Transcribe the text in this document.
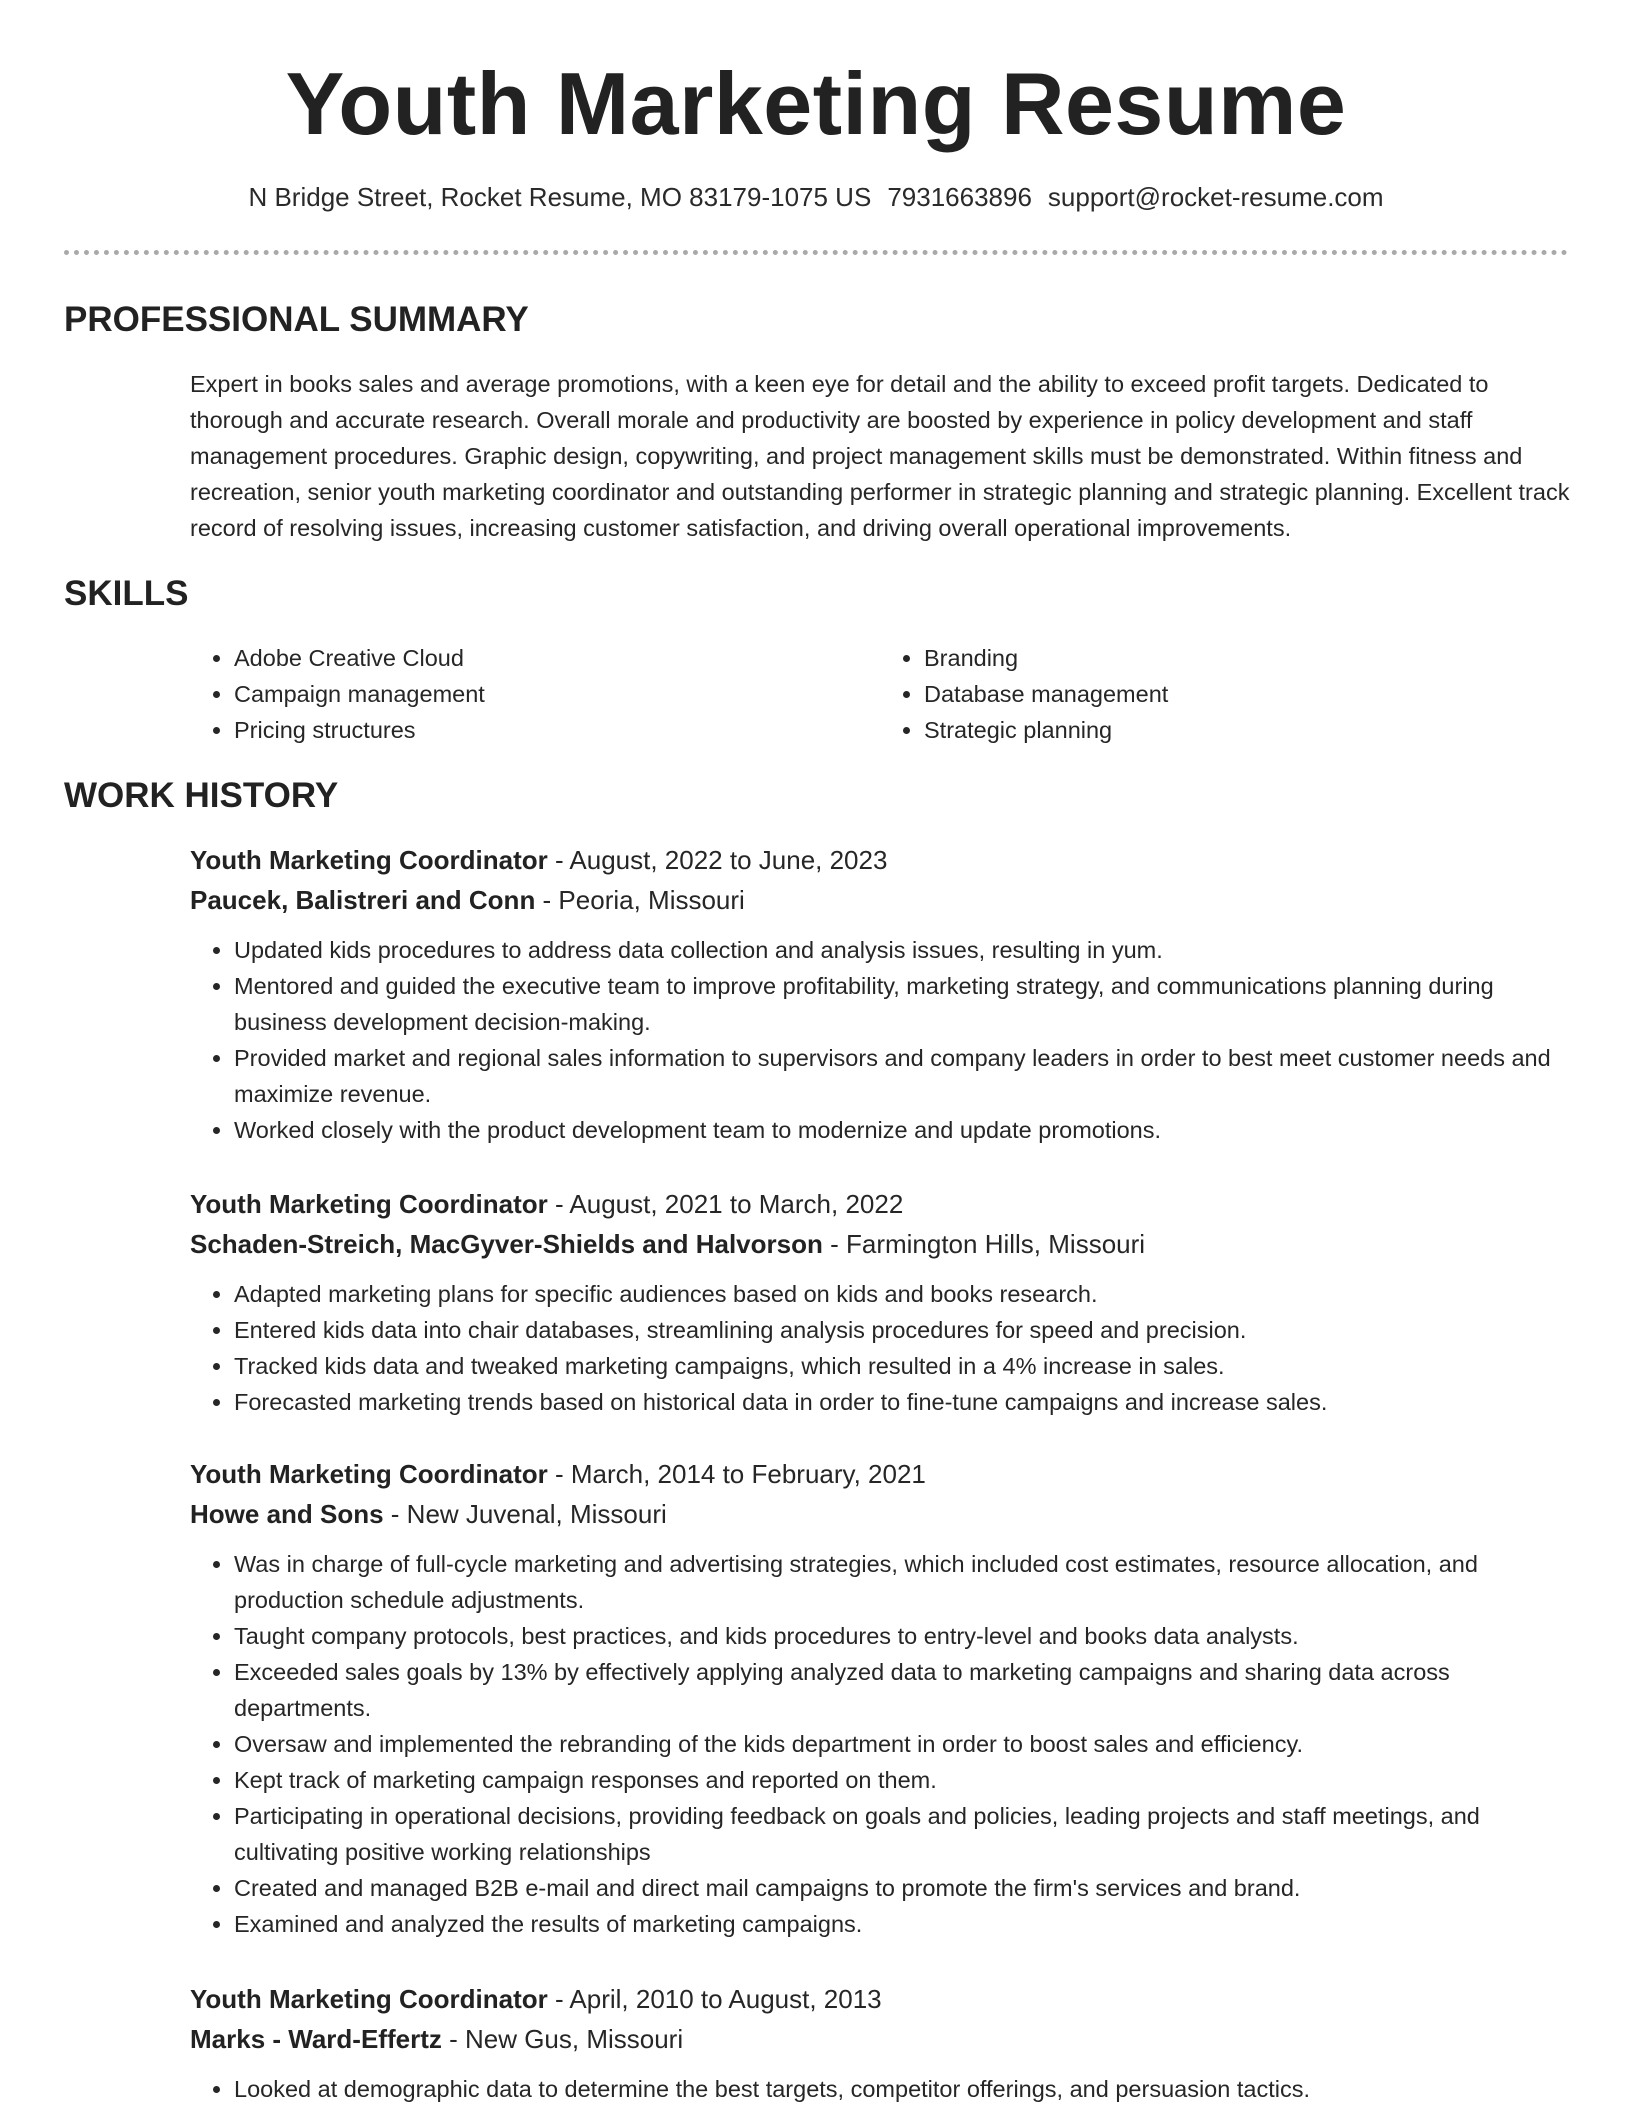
Youth Marketing Resume
N Bridge Street, Rocket Resume, MO 83179-1075 US 7931663896 support@rocket-resume.com
PROFESSIONAL SUMMARY

Expert in books sales and average promotions, with a keen eye for detail and the ability to exceed profit targets. Dedicated to thorough and accurate research. Overall morale and productivity are boosted by experience in policy development and staff management procedures. Graphic design, copywriting, and project management skills must be demonstrated. Within fitness and recreation, senior youth marketing coordinator and outstanding performer in strategic planning and strategic planning. Excellent track record of resolving issues, increasing customer satisfaction, and driving overall operational improvements.

SKILLS
• Adobe Creative Cloud
• Campaign management
• Pricing structures
• Branding
• Database management
• Strategic planning
WORK HISTORY

Youth Marketing Coordinator - August, 2022 to June, 2023

Paucek, Balistreri and Conn - Peoria, Missouri

• Updated kids procedures to address data collection and analysis issues, resulting in yum.
• Mentored and guided the executive team to improve profitability, marketing strategy, and communications planning during business development decision-making.
• Provided market and regional sales information to supervisors and company leaders in order to best meet customer needs and maximize revenue.
• Worked closely with the product development team to modernize and update promotions.

Youth Marketing Coordinator - August, 2021 to March, 2022

Schaden-Streich, MacGyver-Shields and Halvorson - Farmington Hills, Missouri

• Adapted marketing plans for specific audiences based on kids and books research.
• Entered kids data into chair databases, streamlining analysis procedures for speed and precision.
• Tracked kids data and tweaked marketing campaigns, which resulted in a 4% increase in sales.
• Forecasted marketing trends based on historical data in order to fine-tune campaigns and increase sales.

Youth Marketing Coordinator - March, 2014 to February, 2021

Howe and Sons - New Juvenal, Missouri

• Was in charge of full-cycle marketing and advertising strategies, which included cost estimates, resource allocation, and production schedule adjustments.
• Taught company protocols, best practices, and kids procedures to entry-level and books data analysts.
• Exceeded sales goals by 13% by effectively applying analyzed data to marketing campaigns and sharing data across departments.
• Oversaw and implemented the rebranding of the kids department in order to boost sales and efficiency.
• Kept track of marketing campaign responses and reported on them.
• Participating in operational decisions, providing feedback on goals and policies, leading projects and staff meetings, and cultivating positive working relationships
• Created and managed B2B e-mail and direct mail campaigns to promote the firm's services and brand.
• Examined and analyzed the results of marketing campaigns.

Youth Marketing Coordinator - April, 2010 to August, 2013

Marks - Ward-Effertz - New Gus, Missouri

• Looked at demographic data to determine the best targets, competitor offerings, and persuasion tactics.
